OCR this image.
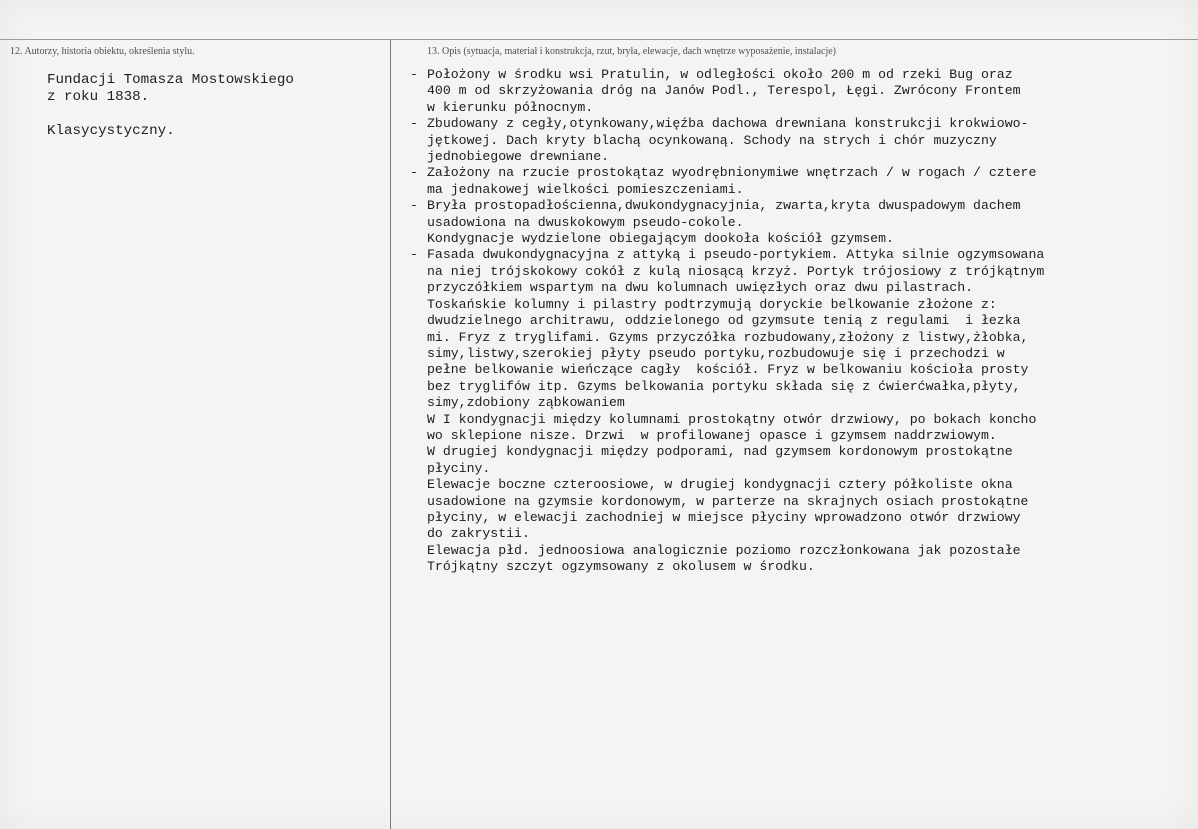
12. Autorzy, historia obiektu, określenia stylu.	13. Opis (sytuacja, materiał i konstrukcja, rzut, bryła, elewacje, dach wnętrze wyposażenie, instalacje)
Fundacji Tomasza Mostowskiego
z roku 1838.
Klasycystyczny.
- Położony w środku wsi Pratulin, w odległości około 200 m od rzeki Bug oraz
400 m od skrzyżowania dróg na Janów Podl., Terespol, Łęgi. Zwrócony Frontem
w kierunku północnym.
- Zbudowany z cegły,otynkowany,więźba dachowa drewniana konstrukcji krokwiowo-
jętkowej. Dach kryty blachą ocynkowaną. Schody na strych i chór muzyczny
jednobiegowe drewniane.
- Założony na rzucie prostokątaz wyodrębnionymiwe wnętrzach / w rogach / cztere
ma jednakowej wielkości pomieszczeniami.
- Bryła prostopadłościenna,dwukondygnacyjnia, zwarta,kryta dwuspadowym dachem
usadowiona na dwuskokowym pseudo-cokole.
Kondygnacje wydzielone obiegającym dookoła kościół gzymsem.
- Fasada dwukondygnacyjna z attyką i pseudo-portykiem. Attyka silnie ogzymsowana
na niej trójskokowy cokół z kulą niosącą krzyż. Portyk trójosiowy z trójkątnym
przyczółkiem wspartym na dwu kolumnach uwięzłych oraz dwu pilastrach.
Toskańskie kolumny i pilastry podtrzymują doryckie belkowanie złożone z:
dwudzielnego architrawu, oddzielonego od gzymsute tenią z regulami  i łezka
mi. Fryz z tryglifami. Gzyms przyczółka rozbudowany,złożony z listwy,żłobka,
simy,listwy,szerokiej płyty pseudo portyku,rozbudowuje się i przechodzi w
pełne belkowanie wieńczące cagły  kościół. Fryz w belkowaniu kościoła prosty
bez tryglifów itp. Gzyms belkowania portyku składa się z ćwierćwałka,płyty,
simy,zdobiony ząbkowaniem
W I kondygnacji między kolumnami prostokątny otwór drzwiowy, po bokach koncho
wo sklepione nisze. Drzwi  w profilowanej opasce i gzymsem naddrzwiowym.
W drugiej kondygnacji między podporami, nad gzymsem kordonowym prostokątne
płyciny.
Elewacje boczne czteroosiowe, w drugiej kondygnacji cztery półkoliste okna
usadowione na gzymsie kordonowym, w parterze na skrajnych osiach prostokątne
płyciny, w elewacji zachodniej w miejsce płyciny wprowadzono otwór drzwiowy
do zakrystii.
Elewacja płd. jednoosiowa analogicznie poziomo rozczłonkowana jak pozostałe
Trójkątny szczyt ogzymsowany z okolusem w środku.
